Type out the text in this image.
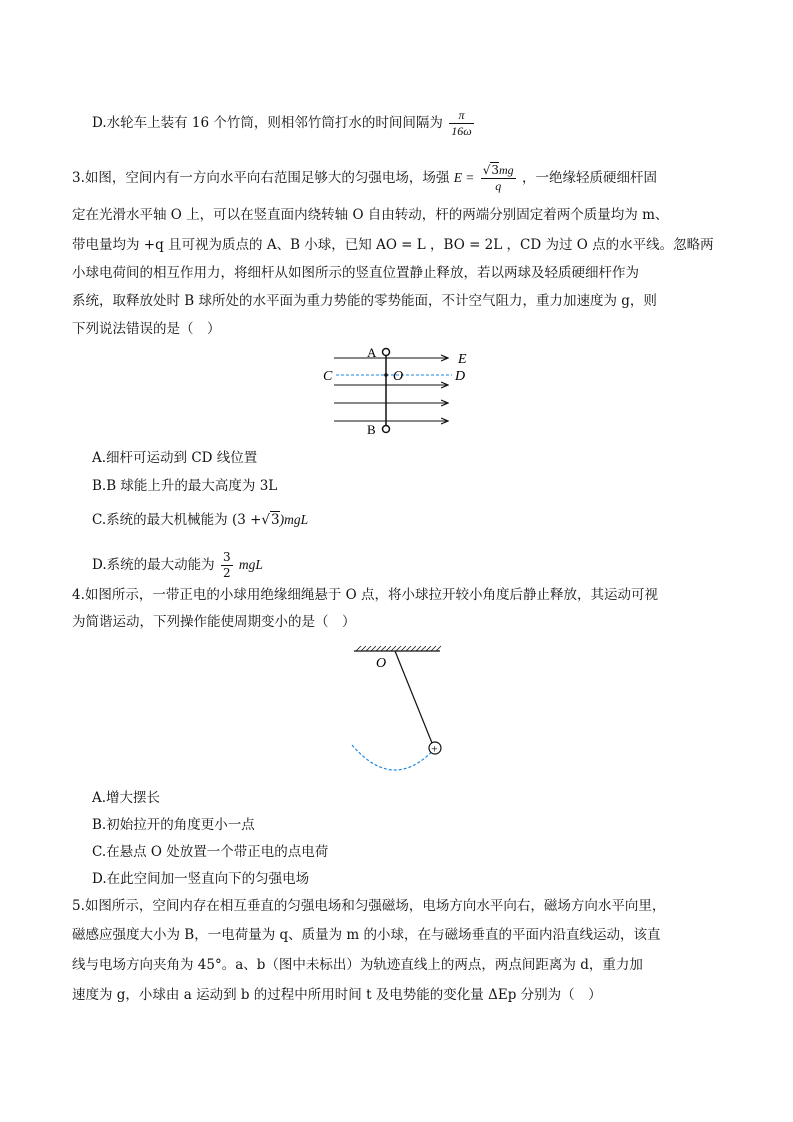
D.水轮车上装有 16 个竹筒，则相邻竹筒打水的时间间隔为 $\frac{\pi}{16\omega}$
3.如图，空间内有一方向水平向右范围足够大的匀强电场，场强 $E = \frac{√3mg}{q}$ ，一绝缘轻质硬细杆固
定在光滑水平轴 O 上，可以在竖直面内绕转轴 O 自由转动，杆的两端分别固定着两个质量均为 m、
带电量均为 +q 且可视为质点的 A、B 小球，已知 AO = L ，BO = 2L ，CD 为过 O 点的水平线。忽略两
小球电荷间的相互作用力，将细杆从如图所示的竖直位置静止释放，若以两球及轻质硬细杆作为
系统，取释放处时 B 球所处的水平面为重力势能的零势能面，不计空气阻力，重力加速度为 g，则
下列说法错误的是（　）
A
B
C	D
O
E
A.细杆可运动到 CD 线位置
B.B 球能上升的最大高度为 3L
C.系统的最大机械能为 (3 +√3)mgL
D.系统的最大动能为 $\frac{3}{2}$ mgL
4.如图所示，一带正电的小球用绝缘细绳悬于 O 点，将小球拉开较小角度后静止释放，其运动可视
为简谐运动，下列操作能使周期变小的是（　）
+
O
A.增大摆长
B.初始拉开的角度更小一点
C.在悬点 O 处放置一个带正电的点电荷
D.在此空间加一竖直向下的匀强电场
5.如图所示，空间内存在相互垂直的匀强电场和匀强磁场，电场方向水平向右，磁场方向水平向里，
磁感应强度大小为 B，一电荷量为 q、质量为 m 的小球，在与磁场垂直的平面内沿直线运动，该直
线与电场方向夹角为 45°。a、b（图中未标出）为轨迹直线上的两点，两点间距离为 d，重力加
速度为 g，小球由 a 运动到 b 的过程中所用时间 t 及电势能的变化量 ΔEp 分别为（　）
